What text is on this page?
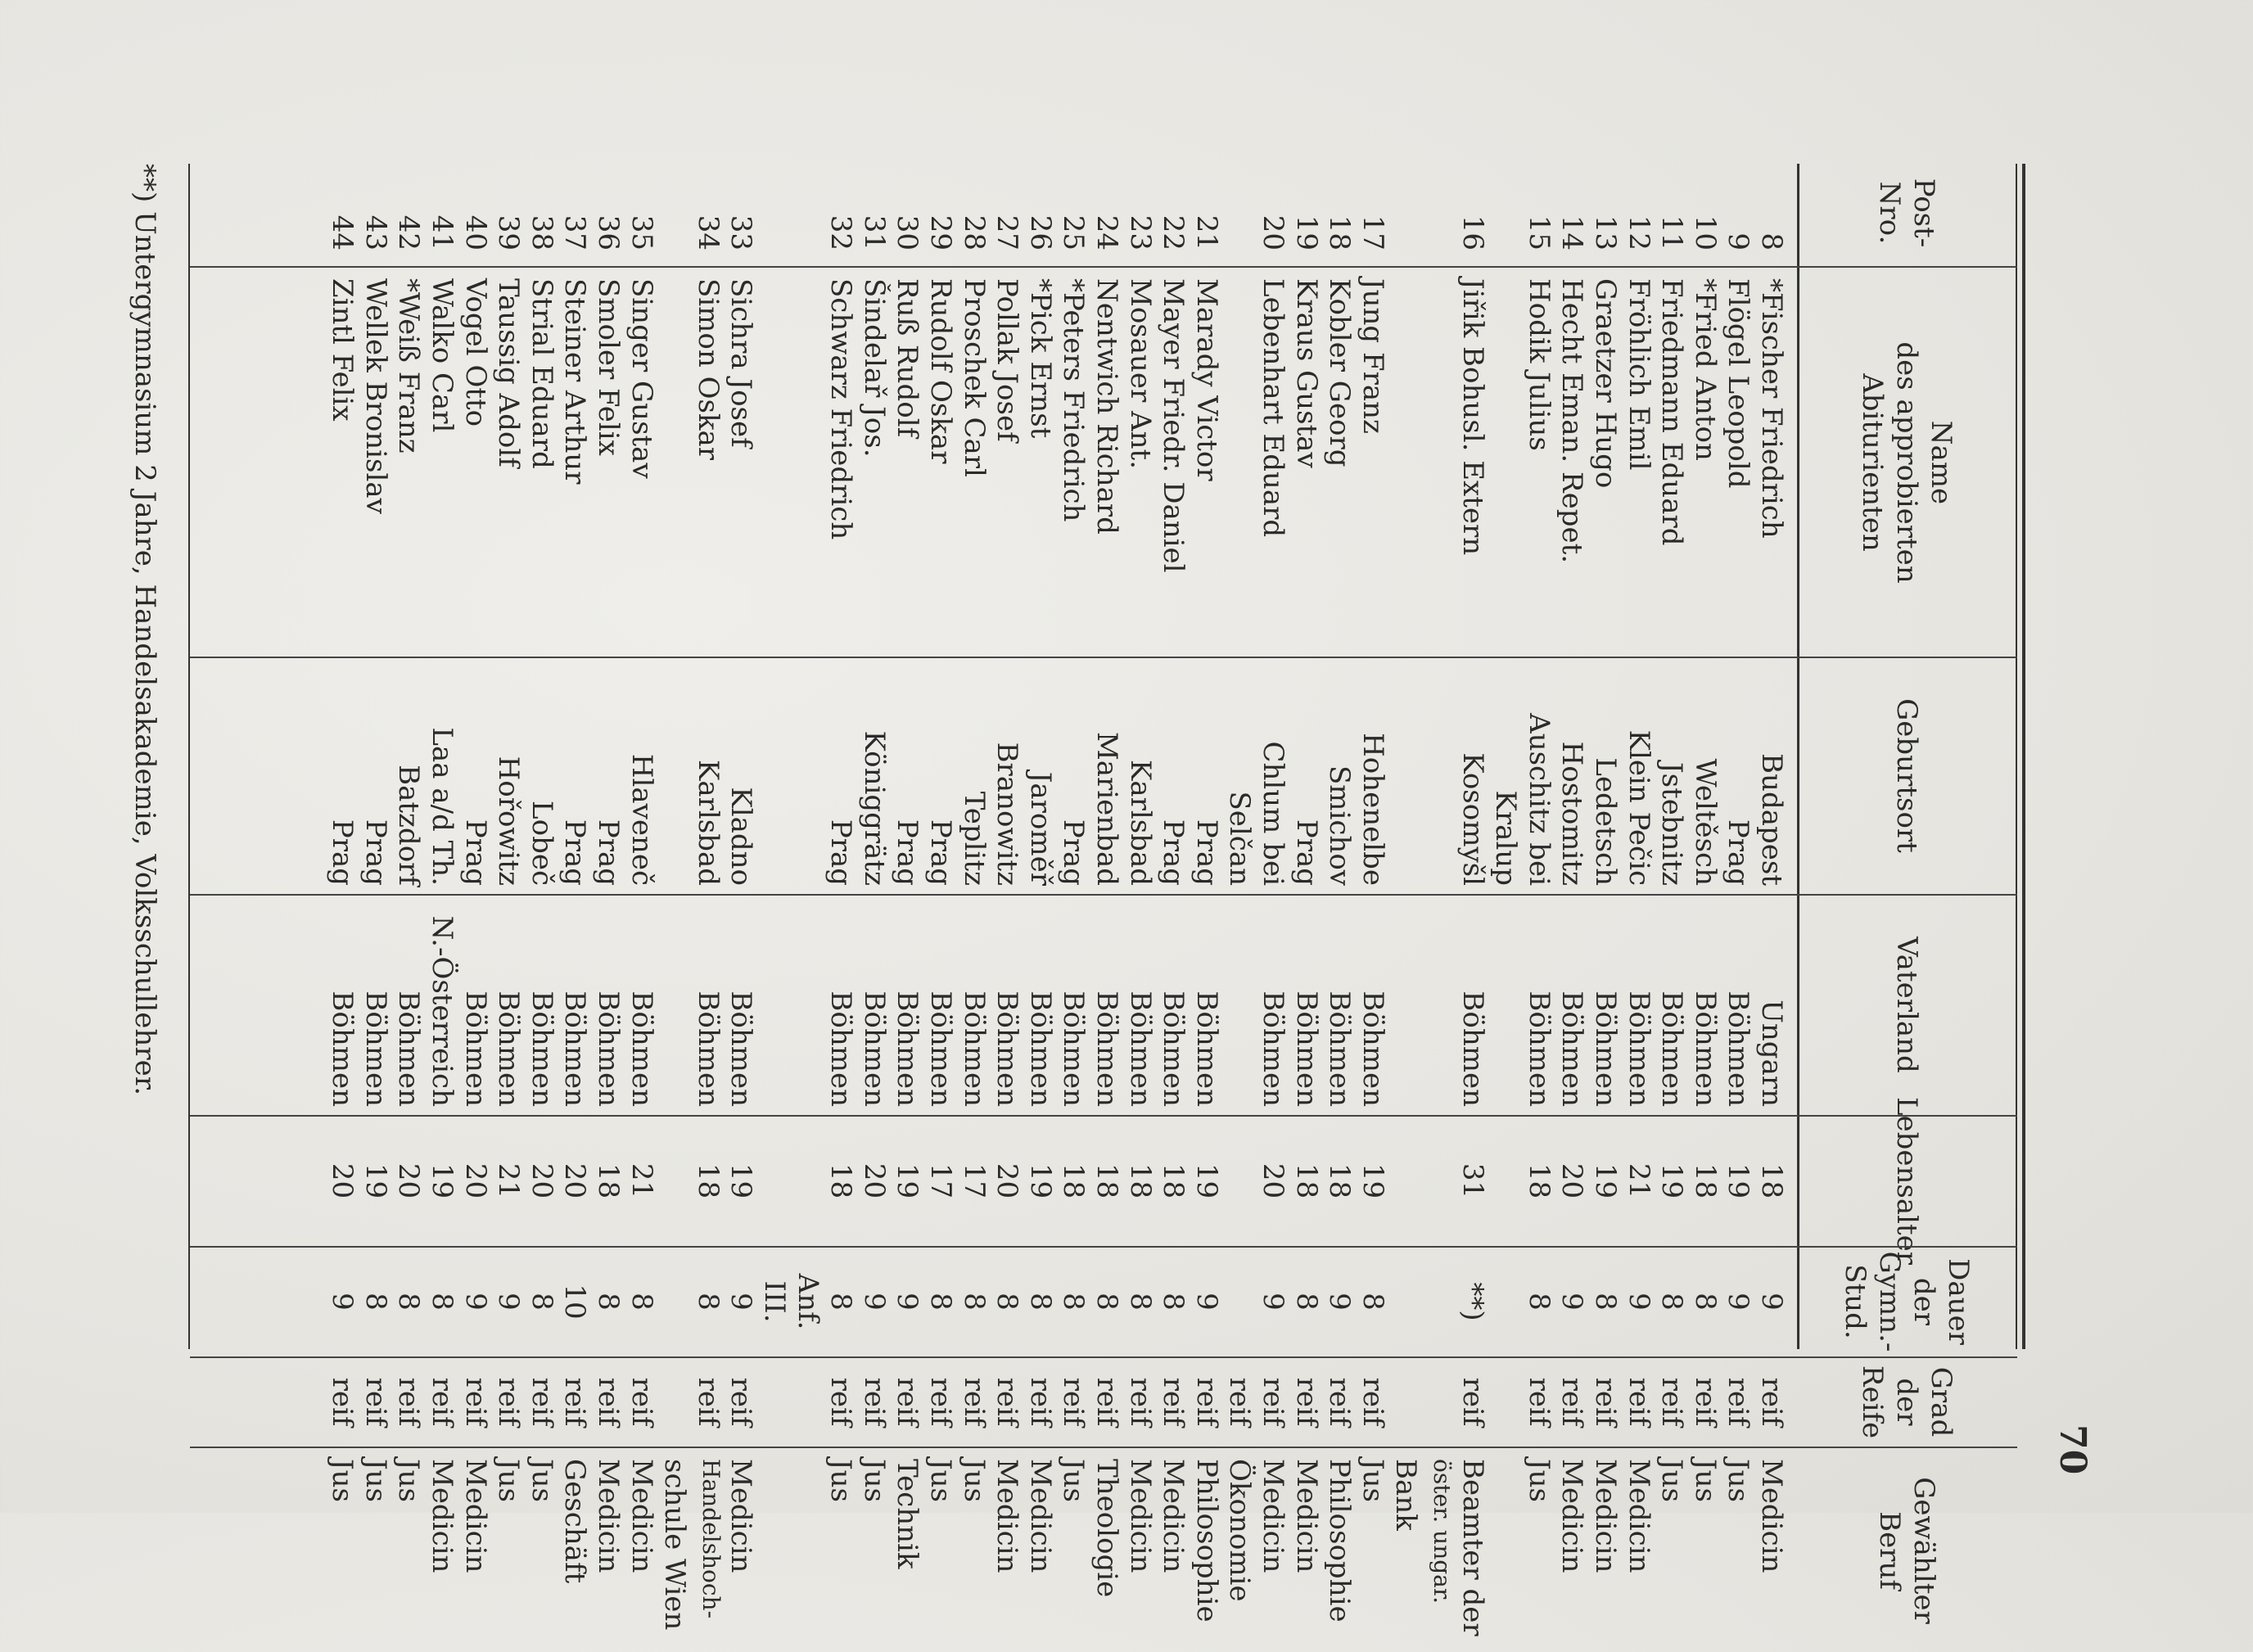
70
Post-Nro.
Name
des approbierten
Abiturienten
Geburtsort
Vaterland
Lebensalter
Dauer der
Gymn.-Stud.
Grad
der Reife
Gewählter
Beruf
8
*Fischer Friedrich
Budapest
Ungarn
18
9
reif
Medicin
9
Flögel Leopold
Prag
Böhmen
19
9
reif
Jus
10
*Fried Anton
Weltěsch
Böhmen
18
8
reif
Jus
11
Friedmann Eduard
Jstebnitz
Böhmen
19
8
reif
Jus
12
Fröhlich Emil
Klein Pečic
Böhmen
21
9
reif
Medicin
13
Graetzer Hugo
Ledetsch
Böhmen
19
8
reif
Medicin
14
Hecht Eman. Repet.
Hostomitz
Böhmen
20
9
reif
Medicin
15
Hodik Julius
Auschitz bei
Böhmen
18
8
reif
Jus
Kralup
16
Jiřik Bohusl. Extern
Kosomyšl
Böhmen
31
**)
reif
Beamter der
öster. ungar.
Bank
17
Jung Franz
Hohenelbe
Böhmen
19
8
reif
Jus
18
Kobler Georg
Smichov
Böhmen
18
9
reif
Philosophie
19
Kraus Gustav
Prag
Böhmen
18
8
reif
Medicin
20
Lebenhart Eduard
Chlum bei
Böhmen
20
9
reif
Medicin
Selčan
reif
Ökonomie
21
Marady Victor
Prag
Böhmen
19
9
reif
Philosophie
22
Mayer Friedr. Daniel
Prag
Böhmen
18
8
reif
Medicin
23
Mosauer Ant.
Karlsbad
Böhmen
18
8
reif
Medicin
24
Nentwich Richard
Marienbad
Böhmen
18
8
reif
Theologie
25
*Peters Friedrich
Prag
Böhmen
18
8
reif
Jus
26
*Pick Ernst
Jaroměř
Böhmen
19
8
reif
Medicin
27
Pollak Josef
Branowitz
Böhmen
20
8
reif
Medicin
28
Proschek Carl
Teplitz
Böhmen
17
8
reif
Jus
29
Rudolf Oskar
Prag
Böhmen
17
8
reif
Jus
30
Ruß Rudolf
Prag
Böhmen
19
9
reif
Technik
31
Šindelař Jos.
Königgrätz
Böhmen
20
9
reif
Jus
32
Schwarz Friedrich
Prag
Böhmen
18
8
reif
Jus
Anf.
III.
33
Sichra Josef
Kladno
Böhmen
19
9
reif
Medicin
34
Simon Oskar
Karlsbad
Böhmen
18
8
reif
Handelshoch-
schule Wien
35
Singer Gustav
Hlaveneč
Böhmen
21
8
reif
Medicin
36
Smoler Felix
Prag
Böhmen
18
8
reif
Medicin
37
Steiner Arthur
Prag
Böhmen
20
10
reif
Geschäft
38
Strial Eduard
Lobeč
Böhmen
20
8
reif
Jus
39
Taussig Adolf
Hořowitz
Böhmen
21
9
reif
Jus
40
Vogel Otto
Prag
Böhmen
20
9
reif
Medicin
41
Walko Carl
Laa a/d Th.
N.-Österreich
19
8
reif
Medicin
42
*Weiß Franz
Batzdorf
Böhmen
20
8
reif
Jus
43
Wellek Bronislav
Prag
Böhmen
19
8
reif
Jus
44
Zintl Felix
Prag
Böhmen
20
9
reif
Jus
**) Untergymnasium 2 Jahre, Handelsakademie, Volksschullehrer.
